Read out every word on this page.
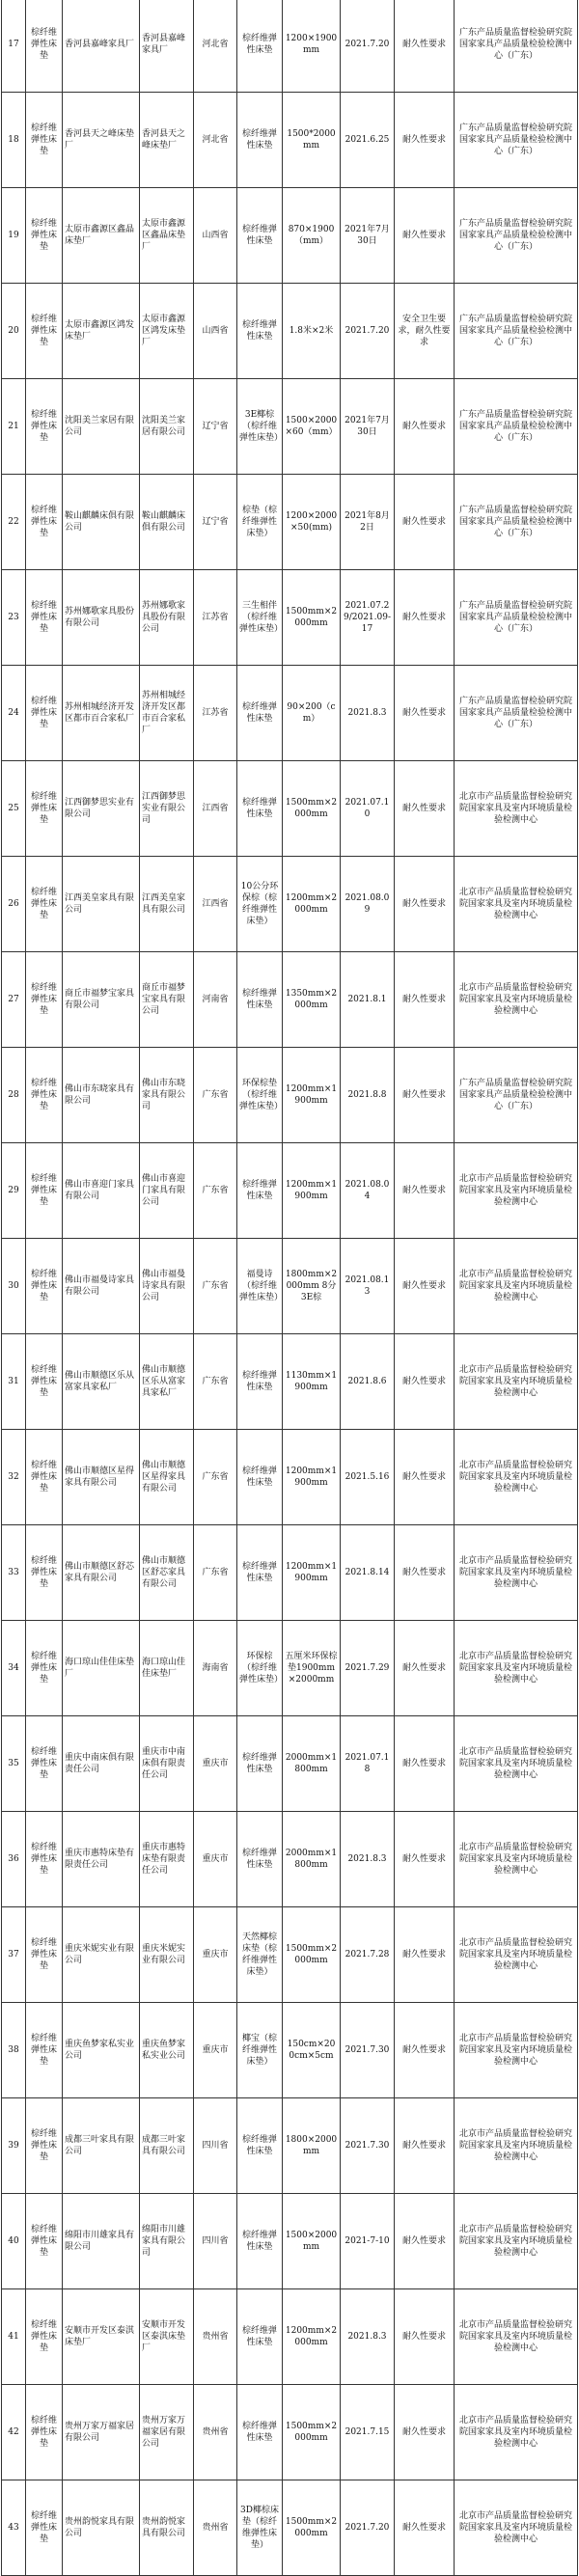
17	棕纤维弹性床垫	香河县嘉峰家具厂	香河县嘉峰家具厂	河北省	棕纤维弹性床垫	1200×1900mm	2021.7.20	耐久性要求	广东产品质量监督检验研究院国家家具产品质量检验检测中心（广东）
18	棕纤维弹性床垫	香河县天之峰床垫厂	香河县天之峰床垫厂	河北省	棕纤维弹性床垫	1500*2000mm	2021.6.25	耐久性要求	广东产品质量监督检验研究院国家家具产品质量检验检测中心（广东）
19	棕纤维弹性床垫	太原市鑫源区鑫晶床垫厂	太原市鑫源区鑫晶床垫厂	山西省	棕纤维弹性床垫	870×1900（mm）	2021年7月30日	耐久性要求	广东产品质量监督检验研究院国家家具产品质量检验检测中心（广东）
20	棕纤维弹性床垫	太原市鑫源区鸿发床垫厂	太原市鑫源区鸿发床垫厂	山西省	棕纤维弹性床垫	1.8米×2米	2021.7.20	安全卫生要求，耐久性要求	广东产品质量监督检验研究院国家家具产品质量检验检测中心（广东）
21	棕纤维弹性床垫	沈阳美兰家居有限公司	沈阳美兰家居有限公司	辽宁省	3E椰棕（棕纤维弹性床垫）	1500×2000×60（mm）	2021年7月30日	耐久性要求	广东产品质量监督检验研究院国家家具产品质量检验检测中心（广东）
22	棕纤维弹性床垫	鞍山麒麟床俱有限公司	鞍山麒麟床俱有限公司	辽宁省	棕垫（棕纤维弹性床垫）	1200×2000×50(mm)	2021年8月2日	耐久性要求	广东产品质量监督检验研究院国家家具产品质量检验检测中心（广东）
23	棕纤维弹性床垫	苏州娜歌家具股份有限公司	苏州娜歌家具股份有限公司	江苏省	三生相伴（棕纤维弹性床垫）	1500mm×2000mm	2021.07.29/2021.09-17	耐久性要求	广东产品质量监督检验研究院国家家具产品质量检验检测中心（广东）
24	棕纤维弹性床垫	苏州相城经济开发区都市百合家私厂	苏州相城经济开发区都市百合家私厂	江苏省	棕纤维弹性床垫	90×200（cm）	2021.8.3	耐久性要求	广东产品质量监督检验研究院国家家具产品质量检验检测中心（广东）
25	棕纤维弹性床垫	江西御梦思实业有限公司	江西御梦思实业有限公司	江西省	棕纤维弹性床垫	1500mm×2000mm	2021.07.10	耐久性要求	北京市产品质量监督检验研究院国家家具及室内环境质量检验检测中心
26	棕纤维弹性床垫	江西美皇家具有限公司	江西美皇家具有限公司	江西省	10公分环保棕（棕纤维弹性床垫）	1200mm×2000mm	2021.08.09	耐久性要求	北京市产品质量监督检验研究院国家家具及室内环境质量检验检测中心
27	棕纤维弹性床垫	商丘市福梦宝家具有限公司	商丘市福梦宝家具有限公司	河南省	棕纤维弹性床垫	1350mm×2000mm	2021.8.1	耐久性要求	北京市产品质量监督检验研究院国家家具及室内环境质量检验检测中心
28	棕纤维弹性床垫	佛山市东晓家具有限公司	佛山市东晓家具有限公司	广东省	环保棕垫（棕纤维弹性床垫）	1200mm×1900mm	2021.8.8	耐久性要求	广东产品质量监督检验研究院国家家具产品质量检验检测中心（广东）
29	棕纤维弹性床垫	佛山市喜迎门家具有限公司	佛山市喜迎门家具有限公司	广东省	棕纤维弹性床垫	1200mm×1900mm	2021.08.04	耐久性要求	北京市产品质量监督检验研究院国家家具及室内环境质量检验检测中心
30	棕纤维弹性床垫	佛山市福曼诗家具有限公司	佛山市福曼诗家具有限公司	广东省	福曼诗（棕纤维弹性床垫）	1800mm×2000mm 8分3E棕	2021.08.13	耐久性要求	北京市产品质量监督检验研究院国家家具及室内环境质量检验检测中心
31	棕纤维弹性床垫	佛山市顺德区乐从富家具家私厂	佛山市顺德区乐从富家具家私厂	广东省	棕纤维弹性床垫	1130mm×1900mm	2021.8.6	耐久性要求	北京市产品质量监督检验研究院国家家具及室内环境质量检验检测中心
32	棕纤维弹性床垫	佛山市顺德区星得家具有限公司	佛山市顺德区星得家具有限公司	广东省	棕纤维弹性床垫	1200mm×1900mm	2021.5.16	耐久性要求	北京市产品质量监督检验研究院国家家具及室内环境质量检验检测中心
33	棕纤维弹性床垫	佛山市顺德区舒芯家具有限公司	佛山市顺德区舒芯家具有限公司	广东省	棕纤维弹性床垫	1200mm×1900mm	2021.8.14	耐久性要求	北京市产品质量监督检验研究院国家家具及室内环境质量检验检测中心
34	棕纤维弹性床垫	海口琼山佳佳床垫厂	海口琼山佳佳床垫厂	海南省	环保棕（棕纤维弹性床垫）	五厘米环保棕垫1900mm×2000mm	2021.7.29	耐久性要求	北京市产品质量监督检验研究院国家家具及室内环境质量检验检测中心
35	棕纤维弹性床垫	重庆中南床俱有限责任公司	重庆市中南床俱有限责任公司	重庆市	棕纤维弹性床垫	2000mm×1800mm	2021.07.18	耐久性要求	北京市产品质量监督检验研究院国家家具及室内环境质量检验检测中心
36	棕纤维弹性床垫	重庆市惠特床垫有限责任公司	重庆市惠特床垫有限责任公司	重庆市	棕纤维弹性床垫	2000mm×1800mm	2021.8.3	耐久性要求	北京市产品质量监督检验研究院国家家具及室内环境质量检验检测中心
37	棕纤维弹性床垫	重庆米妮实业有限公司	重庆米妮实业有限公司	重庆市	天然椰棕床垫（棕纤维弹性床垫）	1500mm×2000mm	2021.7.28	耐久性要求	北京市产品质量监督检验研究院国家家具及室内环境质量检验检测中心
38	棕纤维弹性床垫	重庆鱼梦家私实业公司	重庆鱼梦家私实业公司	重庆市	椰宝（棕纤维弹性床垫）	150cm×200cm×5cm	2021.7.30	耐久性要求	北京市产品质量监督检验研究院国家家具及室内环境质量检验检测中心
39	棕纤维弹性床垫	成都三叶家具有限公司	成都三叶家具有限公司	四川省	棕纤维弹性床垫	1800×2000mm	2021.7.30	耐久性要求	北京市产品质量监督检验研究院国家家具及室内环境质量检验检测中心
40	棕纤维弹性床垫	绵阳市川雄家具有限公司	绵阳市川雄家具有限公司	四川省	棕纤维弹性床垫	1500×2000mm	2021-7-10	耐久性要求	北京市产品质量监督检验研究院国家家具及室内环境质量检验检测中心
41	棕纤维弹性床垫	安顺市开发区泰淇床垫厂	安顺市开发区泰淇床垫厂	贵州省	棕纤维弹性床垫	1200mm×2000mm	2021.8.3	耐久性要求	北京市产品质量监督检验研究院国家家具及室内环境质量检验检测中心
42	棕纤维弹性床垫	贵州万家万福家居有限公司	贵州万家万福家居有限公司	贵州省	棕纤维弹性床垫	1500mm×2000mm	2021.7.15	耐久性要求	北京市产品质量监督检验研究院国家家具及室内环境质量检验检测中心
43	棕纤维弹性床垫	贵州韵悦家具有限公司	贵州韵悦家具有限公司	贵州省	3D椰棕床垫（棕纤维弹性床垫）	1500mm×2000mm	2021.7.20	耐久性要求	北京市产品质量监督检验研究院国家家具及室内环境质量检验检测中心
